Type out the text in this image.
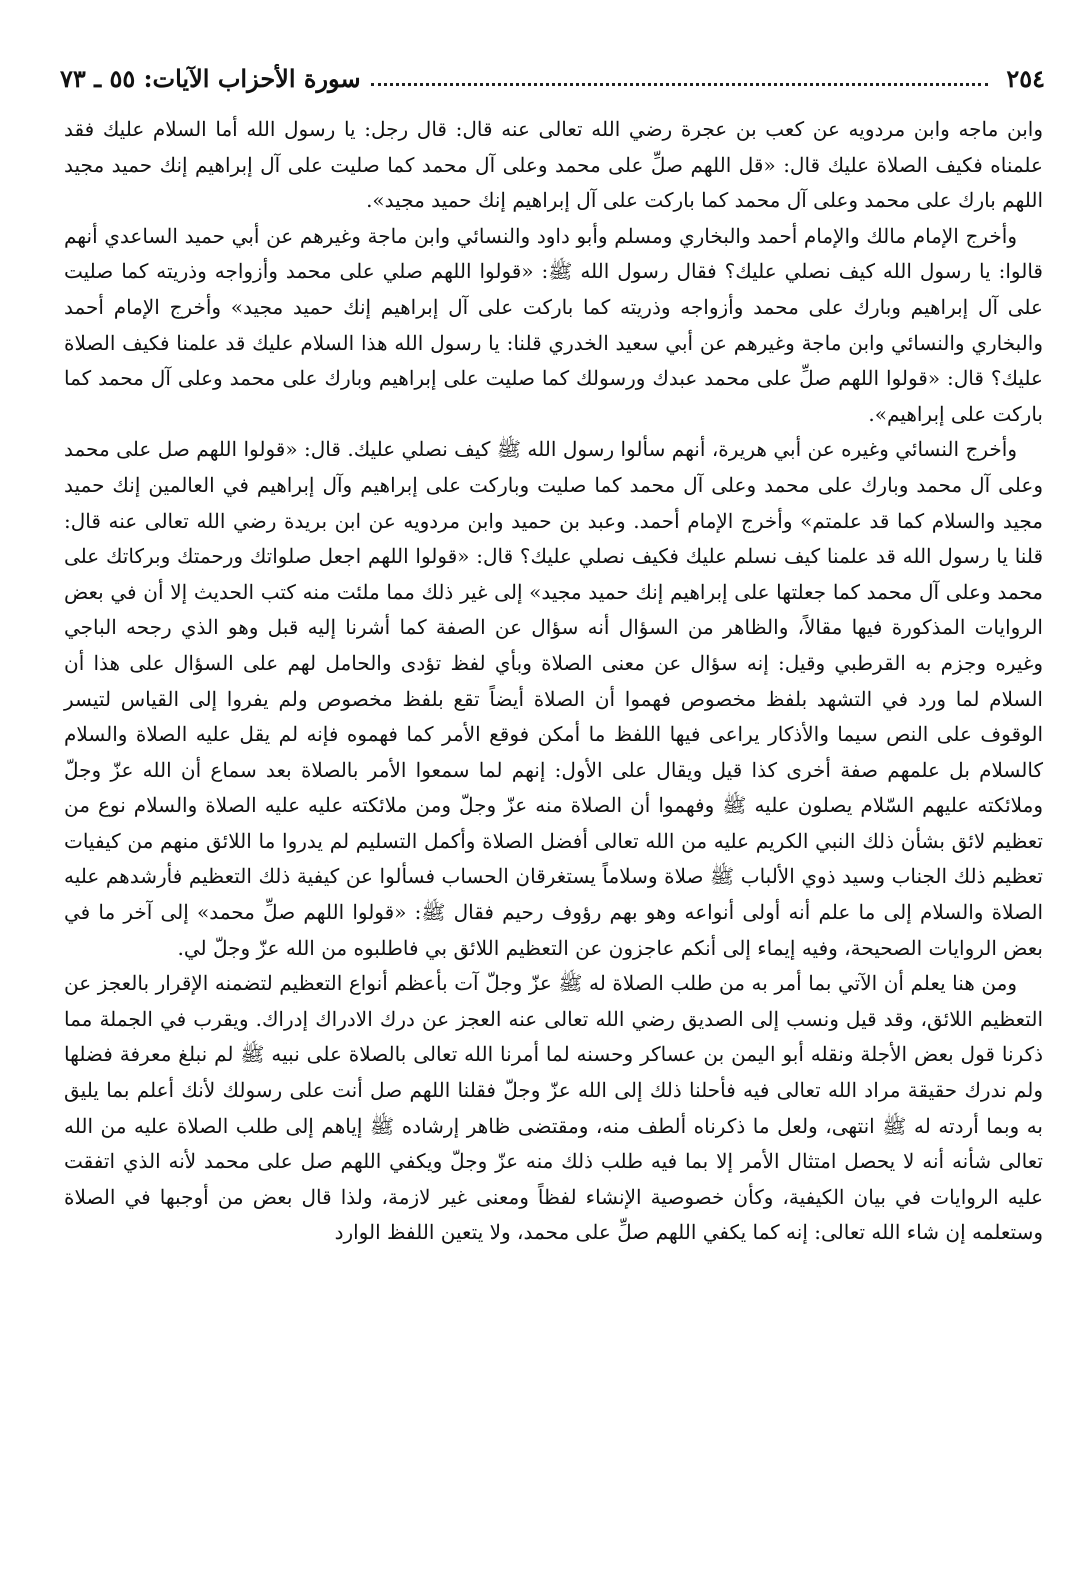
٢٥٤
سورة الأحزاب الآيات: ٥٥ ـ ٧٣

وابن ماجه وابن مردويه عن كعب بن عجرة رضي الله تعالى عنه قال: قال رجل: يا رسول الله أما السلام عليك فقد علمناه فكيف الصلاة عليك قال: «قل اللهم صلِّ على محمد وعلى آل محمد كما صليت على آل إبراهيم إنك حميد مجيد اللهم بارك على محمد وعلى آل محمد كما باركت على آل إبراهيم إنك حميد مجيد».

وأخرج الإمام مالك والإمام أحمد والبخاري ومسلم وأبو داود والنسائي وابن ماجة وغيرهم عن أبي حميد الساعدي أنهم قالوا: يا رسول الله كيف نصلي عليك؟ فقال رسول الله ﷺ: «قولوا اللهم صلي على محمد وأزواجه وذريته كما صليت على آل إبراهيم وبارك على محمد وأزواجه وذريته كما باركت على آل إبراهيم إنك حميد مجيد» وأخرج الإمام أحمد والبخاري والنسائي وابن ماجة وغيرهم عن أبي سعيد الخدري قلنا: يا رسول الله هذا السلام عليك قد علمنا فكيف الصلاة عليك؟ قال: «قولوا اللهم صلِّ على محمد عبدك ورسولك كما صليت على إبراهيم وبارك على محمد وعلى آل محمد كما باركت على إبراهيم».

وأخرج النسائي وغيره عن أبي هريرة، أنهم سألوا رسول الله ﷺ كيف نصلي عليك. قال: «قولوا اللهم صل على محمد وعلى آل محمد وبارك على محمد وعلى آل محمد كما صليت وباركت على إبراهيم وآل إبراهيم في العالمين إنك حميد مجيد والسلام كما قد علمتم» وأخرج الإمام أحمد. وعبد بن حميد وابن مردويه عن ابن بريدة رضي الله تعالى عنه قال: قلنا يا رسول الله قد علمنا كيف نسلم عليك فكيف نصلي عليك؟ قال: «قولوا اللهم اجعل صلواتك ورحمتك وبركاتك على محمد وعلى آل محمد كما جعلتها على إبراهيم إنك حميد مجيد» إلى غير ذلك مما ملئت منه كتب الحديث إلا أن في بعض الروايات المذكورة فيها مقالاً، والظاهر من السؤال أنه سؤال عن الصفة كما أشرنا إليه قبل وهو الذي رجحه الباجي وغيره وجزم به القرطبي وقيل: إنه سؤال عن معنى الصلاة وبأي لفظ تؤدى والحامل لهم على السؤال على هذا أن السلام لما ورد في التشهد بلفظ مخصوص فهموا أن الصلاة أيضاً تقع بلفظ مخصوص ولم يفروا إلى القياس لتيسر الوقوف على النص سيما والأذكار يراعى فيها اللفظ ما أمكن فوقع الأمر كما فهموه فإنه لم يقل عليه الصلاة والسلام كالسلام بل علمهم صفة أخرى كذا قيل ويقال على الأول: إنهم لما سمعوا الأمر بالصلاة بعد سماع أن الله عزّ وجلّ وملائكته عليهم السّلام يصلون عليه ﷺ وفهموا أن الصلاة منه عزّ وجلّ ومن ملائكته عليه عليه الصلاة والسلام نوع من تعظيم لائق بشأن ذلك النبي الكريم عليه من الله تعالى أفضل الصلاة وأكمل التسليم لم يدروا ما اللائق منهم من كيفيات تعظيم ذلك الجناب وسيد ذوي الألباب ﷺ صلاة وسلاماً يستغرقان الحساب فسألوا عن كيفية ذلك التعظيم فأرشدهم عليه الصلاة والسلام إلى ما علم أنه أولى أنواعه وهو بهم رؤوف رحيم فقال ﷺ: «قولوا اللهم صلِّ محمد» إلى آخر ما في بعض الروايات الصحيحة، وفيه إيماء إلى أنكم عاجزون عن التعظيم اللائق بي فاطلبوه من الله عزّ وجلّ لي.

ومن هنا يعلم أن الآتي بما أمر به من طلب الصلاة له ﷺ عزّ وجلّ آت بأعظم أنواع التعظيم لتضمنه الإقرار بالعجز عن التعظيم اللائق، وقد قيل ونسب إلى الصديق رضي الله تعالى عنه العجز عن درك الادراك إدراك. ويقرب في الجملة مما ذكرنا قول بعض الأجلة ونقله أبو اليمن بن عساكر وحسنه لما أمرنا الله تعالى بالصلاة على نبيه ﷺ لم نبلغ معرفة فضلها ولم ندرك حقيقة مراد الله تعالى فيه فأحلنا ذلك إلى الله عزّ وجلّ فقلنا اللهم صل أنت على رسولك لأنك أعلم بما يليق به وبما أردته له ﷺ انتهى، ولعل ما ذكرناه ألطف منه، ومقتضى ظاهر إرشاده ﷺ إياهم إلى طلب الصلاة عليه من الله تعالى شأنه أنه لا يحصل امتثال الأمر إلا بما فيه طلب ذلك منه عزّ وجلّ ويكفي اللهم صل على محمد لأنه الذي اتفقت عليه الروايات في بيان الكيفية، وكأن خصوصية الإنشاء لفظاً ومعنى غير لازمة، ولذا قال بعض من أوجبها في الصلاة وستعلمه إن شاء الله تعالى: إنه كما يكفي اللهم صلِّ على محمد، ولا يتعين اللفظ الوارد
